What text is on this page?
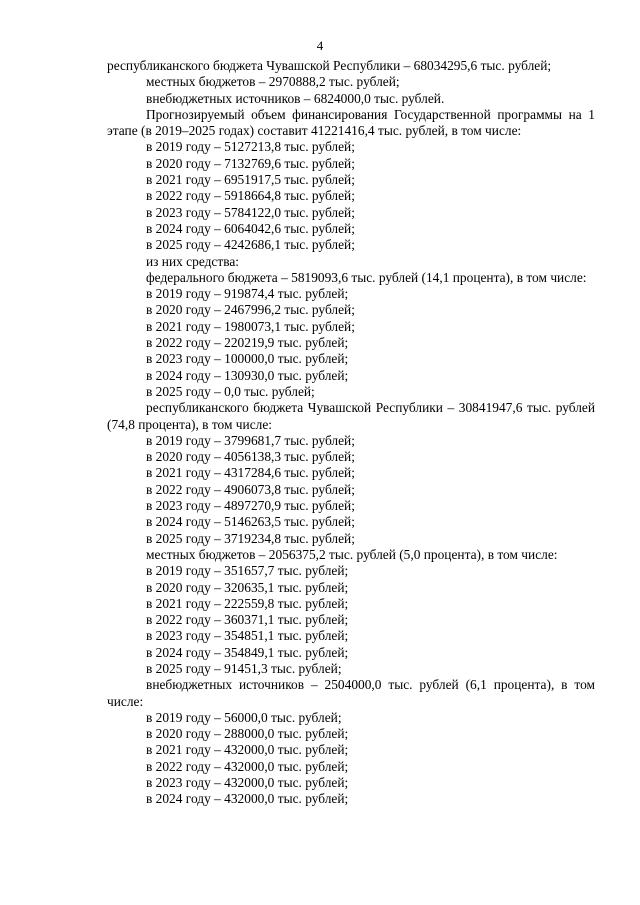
4

республиканского бюджета Чувашской Республики – 68034295,6 тыс. рублей;

местных бюджетов – 2970888,2 тыс. рублей;

внебюджетных источников – 6824000,0 тыс. рублей.

Прогнозируемый объем финансирования Государственной программы на 1 этапе (в 2019–2025 годах) составит 41221416,4 тыс. рублей, в том числе:

в 2019 году – 5127213,8 тыс. рублей;

в 2020 году – 7132769,6 тыс. рублей;

в 2021 году – 6951917,5 тыс. рублей;

в 2022 году – 5918664,8 тыс. рублей;

в 2023 году – 5784122,0 тыс. рублей;

в 2024 году – 6064042,6 тыс. рублей;

в 2025 году – 4242686,1 тыс. рублей;

из них средства:

федерального бюджета – 5819093,6 тыс. рублей (14,1 процента), в том числе:

в 2019 году – 919874,4 тыс. рублей;

в 2020 году – 2467996,2 тыс. рублей;

в 2021 году – 1980073,1 тыс. рублей;

в 2022 году – 220219,9 тыс. рублей;

в 2023 году – 100000,0 тыс. рублей;

в 2024 году – 130930,0 тыс. рублей;

в 2025 году – 0,0 тыс. рублей;

республиканского бюджета Чувашской Республики – 30841947,6 тыс. рублей (74,8 процента), в том числе:

в 2019 году – 3799681,7 тыс. рублей;

в 2020 году – 4056138,3 тыс. рублей;

в 2021 году – 4317284,6 тыс. рублей;

в 2022 году – 4906073,8 тыс. рублей;

в 2023 году – 4897270,9 тыс. рублей;

в 2024 году – 5146263,5 тыс. рублей;

в 2025 году – 3719234,8 тыс. рублей;

местных бюджетов – 2056375,2 тыс. рублей (5,0 процента), в том числе:

в 2019 году – 351657,7 тыс. рублей;

в 2020 году – 320635,1 тыс. рублей;

в 2021 году – 222559,8 тыс. рублей;

в 2022 году – 360371,1 тыс. рублей;

в 2023 году – 354851,1 тыс. рублей;

в 2024 году – 354849,1 тыс. рублей;

в 2025 году – 91451,3 тыс. рублей;

внебюджетных источников – 2504000,0 тыс. рублей (6,1 процента), в том числе:

в 2019 году – 56000,0 тыс. рублей;

в 2020 году – 288000,0 тыс. рублей;

в 2021 году – 432000,0 тыс. рублей;

в 2022 году – 432000,0 тыс. рублей;

в 2023 году – 432000,0 тыс. рублей;

в 2024 году – 432000,0 тыс. рублей;
